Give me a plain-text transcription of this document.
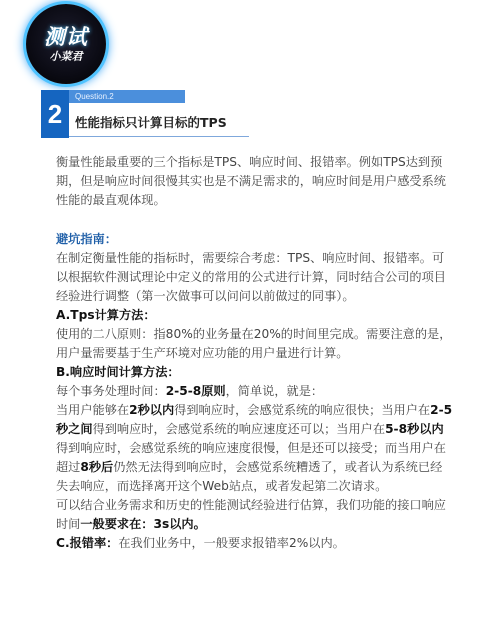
测试
小菜君
2
Question.2
性能指标只计算目标的TPS

衡量性能最重要的三个指标是TPS、响应时间、报错率。例如TPS达到预期，但是响应时间很慢其实也是不满足需求的，响应时间是用户感受系统性能的最直观体现。

避坑指南：

在制定衡量性能的指标时，需要综合考虑：TPS、响应时间、报错率。可以根据软件测试理论中定义的常用的公式进行计算，同时结合公司的项目经验进行调整（第一次做事可以问问以前做过的同事）。

A.Tps计算方法：

使用的二八原则：指80%的业务量在20%的时间里完成。需要注意的是，用户量需要基于生产环境对应功能的用户量进行计算。

B.响应时间计算方法：

每个事务处理时间：2-5-8原则，简单说，就是：

当用户能够在2秒以内得到响应时，会感觉系统的响应很快；当用户在2-5秒之间得到响应时，会感觉系统的响应速度还可以；当用户在5-8秒以内得到响应时，会感觉系统的响应速度很慢，但是还可以接受；而当用户在超过8秒后仍然无法得到响应时，会感觉系统糟透了，或者认为系统已经失去响应，而选择离开这个Web站点，或者发起第二次请求。

可以结合业务需求和历史的性能测试经验进行估算，我们功能的接口响应时间一般要求在：3s以内。

C.报错率：在我们业务中，一般要求报错率2%以内。
